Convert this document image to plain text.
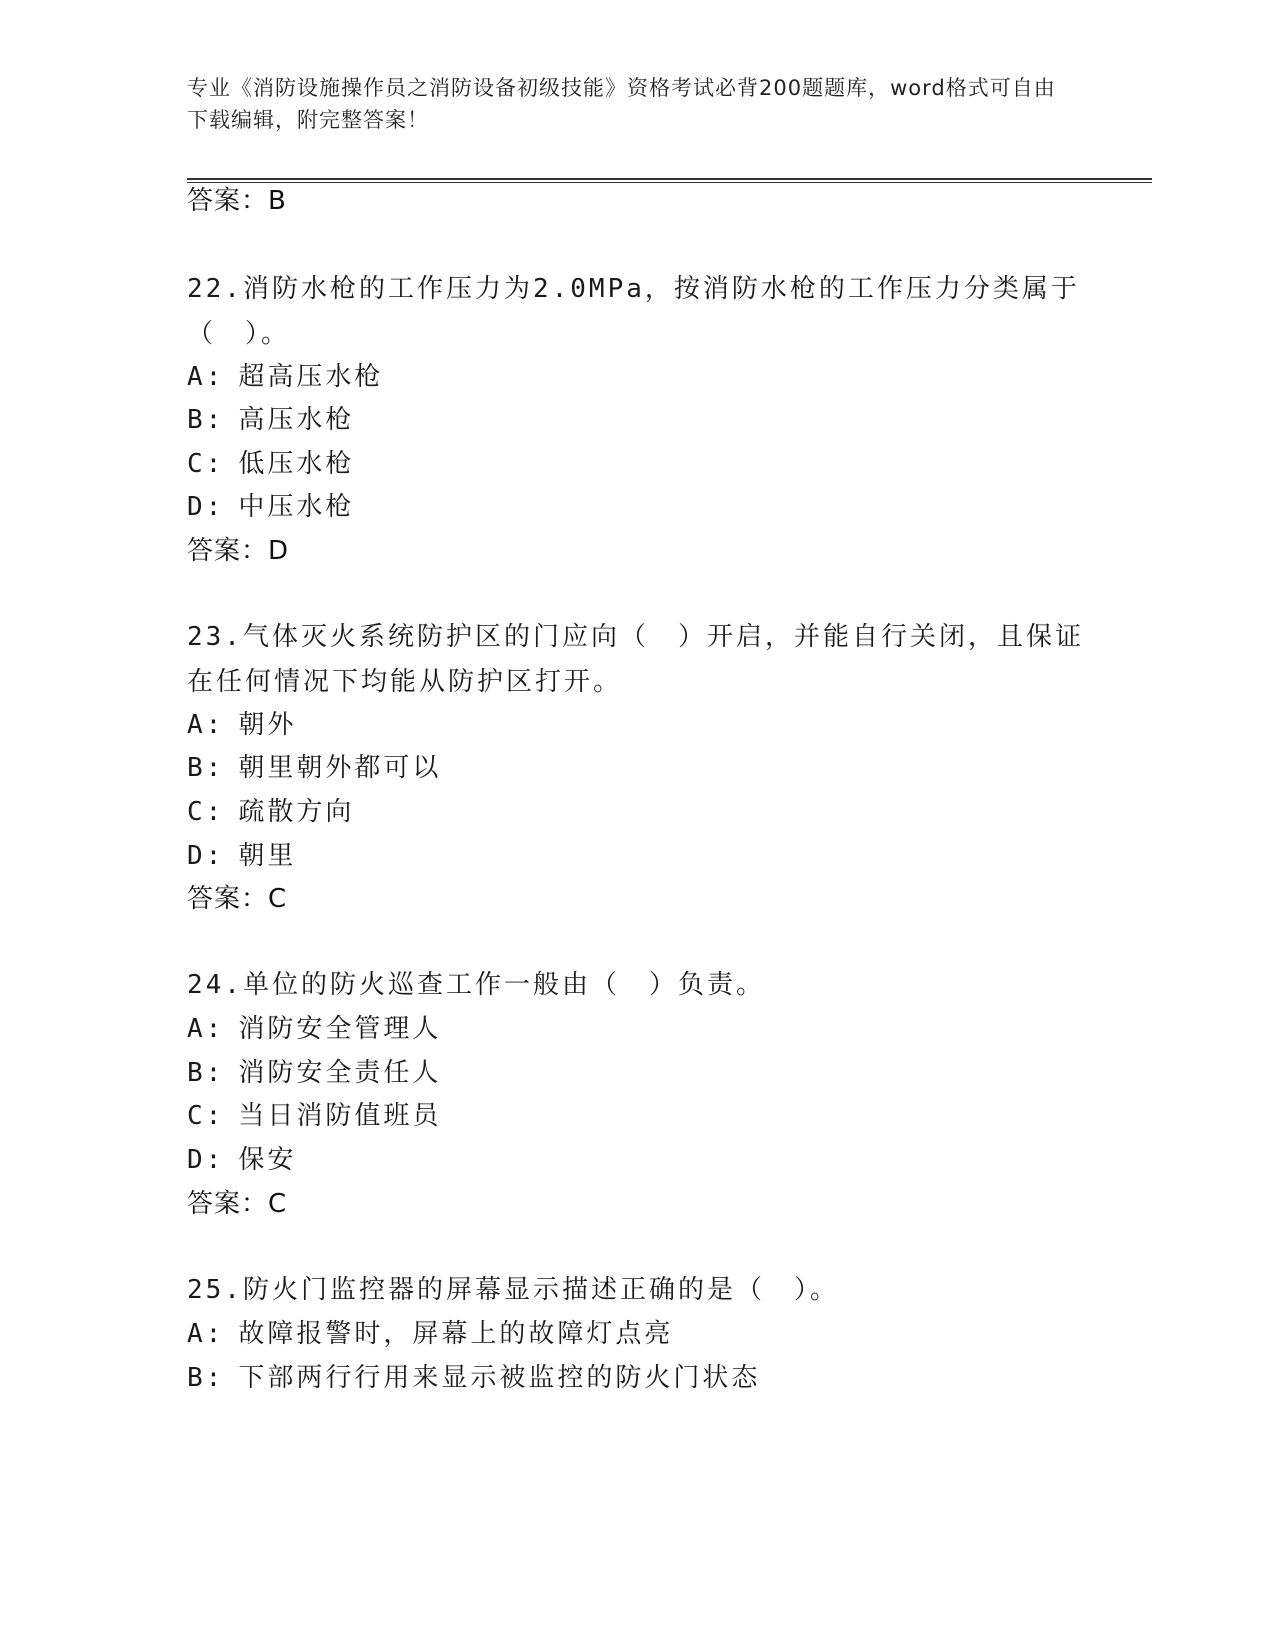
专业《消防设施操作员之消防设备初级技能》资格考试必背200题题库，word格式可自由下载编辑，附完整答案！
答案：B
22.消防水枪的工作压力为2.0MPa，按消防水枪的工作压力分类属于（　）。
A: 超高压水枪
B: 高压水枪
C: 低压水枪
D: 中压水枪
答案：D
23.气体灭火系统防护区的门应向（　）开启，并能自行关闭，且保证在任何情况下均能从防护区打开。
A: 朝外
B: 朝里朝外都可以
C: 疏散方向
D: 朝里
答案：C
24.单位的防火巡查工作一般由（　）负责。
A: 消防安全管理人
B: 消防安全责任人
C: 当日消防值班员
D: 保安
答案：C
25.防火门监控器的屏幕显示描述正确的是（　）。
A: 故障报警时，屏幕上的故障灯点亮
B: 下部两行行用来显示被监控的防火门状态
